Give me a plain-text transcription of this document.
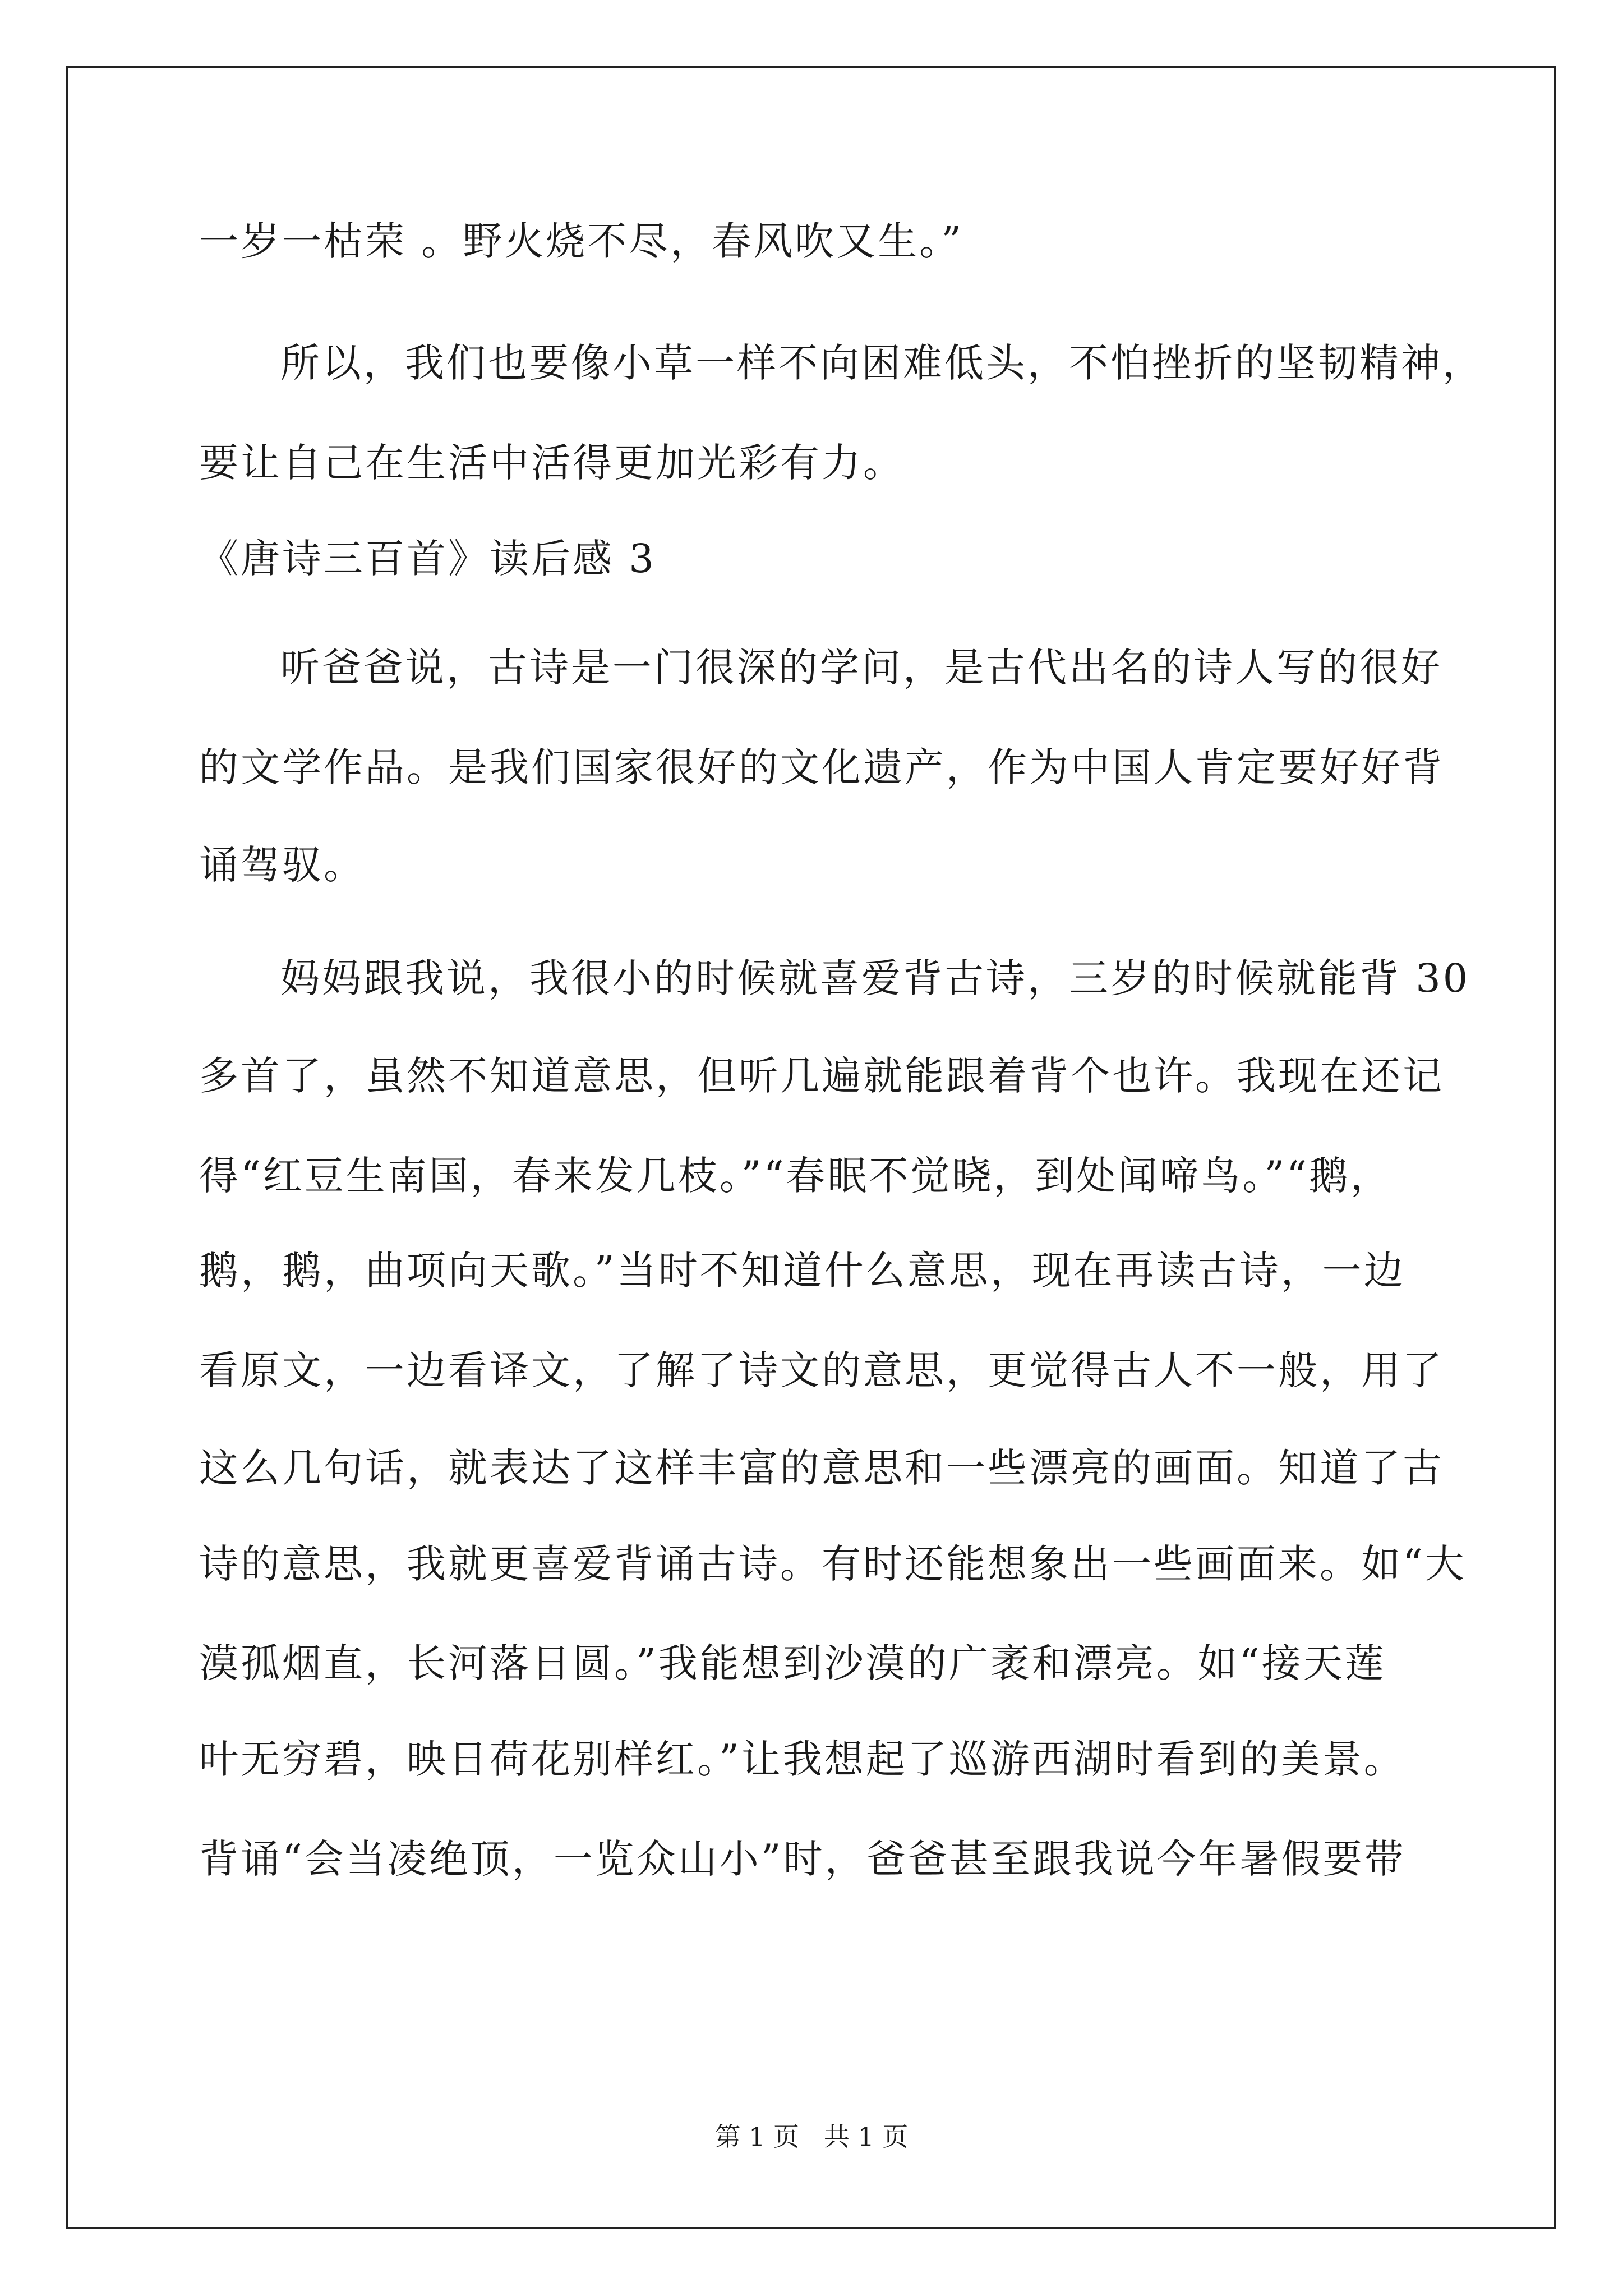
一岁一枯荣 。野火烧不尽，春风吹又生。”
所以，我们也要像小草一样不向困难低头，不怕挫折的坚韧精神，
要让自己在生活中活得更加光彩有力。
《唐诗三百首》读后感 3
听爸爸说，古诗是一门很深的学问，是古代出名的诗人写的很好
的文学作品。是我们国家很好的文化遗产，作为中国人肯定要好好背
诵驾驭。
妈妈跟我说，我很小的时候就喜爱背古诗，三岁的时候就能背 30
多首了，虽然不知道意思，但听几遍就能跟着背个也许。我现在还记
得“红豆生南国，春来发几枝。”“春眠不觉晓，到处闻啼鸟。”“鹅，
鹅，鹅，曲项向天歌。”当时不知道什么意思，现在再读古诗，一边
看原文，一边看译文，了解了诗文的意思，更觉得古人不一般，用了
这么几句话，就表达了这样丰富的意思和一些漂亮的画面。知道了古
诗的意思，我就更喜爱背诵古诗。有时还能想象出一些画面来。如“大
漠孤烟直，长河落日圆。”我能想到沙漠的广袤和漂亮。如“接天莲
叶无穷碧，映日荷花别样红。”让我想起了巡游西湖时看到的美景。
背诵“会当凌绝顶，一览众山小”时，爸爸甚至跟我说今年暑假要带
第 1 页   共 1 页
